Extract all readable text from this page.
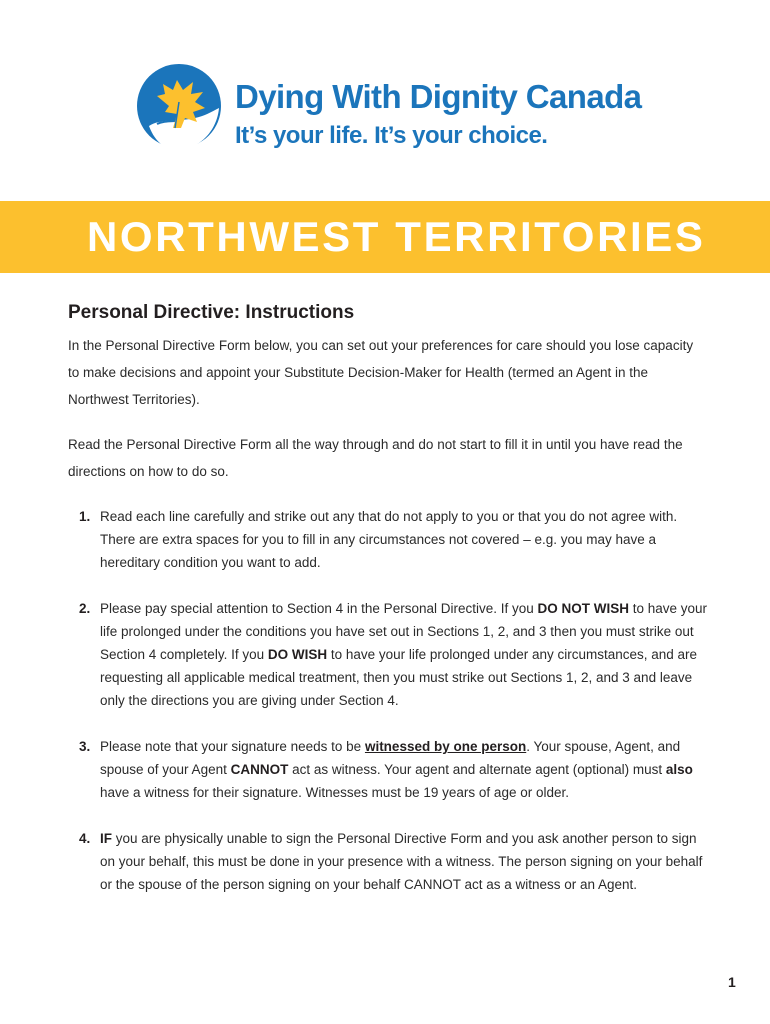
Dying With Dignity Canada
It’s your life. It’s your choice.
NORTHWEST TERRITORIES
Personal Directive: Instructions

In the Personal Directive Form below, you can set out your preferences for care should you lose capacity to make decisions and appoint your Substitute Decision-Maker for Health (termed an Agent in the Northwest Territories).

Read the Personal Directive Form all the way through and do not start to fill it in until you have read the directions on how to do so.

1. Read each line carefully and strike out any that do not apply to you or that you do not agree with. There are extra spaces for you to fill in any circumstances not covered – e.g. you may have a hereditary condition you want to add.
2. Please pay special attention to Section 4 in the Personal Directive. If you DO NOT WISH to have your life prolonged under the conditions you have set out in Sections 1, 2, and 3 then you must strike out Section 4 completely. If you DO WISH to have your life prolonged under any circumstances, and are requesting all applicable medical treatment, then you must strike out Sections 1, 2, and 3 and leave only the directions you are giving under Section 4.
3. Please note that your signature needs to be witnessed by one person. Your spouse, Agent, and spouse of your Agent CANNOT act as witness. Your agent and alternate agent (optional) must also have a witness for their signature. Witnesses must be 19 years of age or older.
4. IF you are physically unable to sign the Personal Directive Form and you ask another person to sign on your behalf, this must be done in your presence with a witness. The person signing on your behalf or the spouse of the person signing on your behalf CANNOT act as a witness or an Agent.
1
